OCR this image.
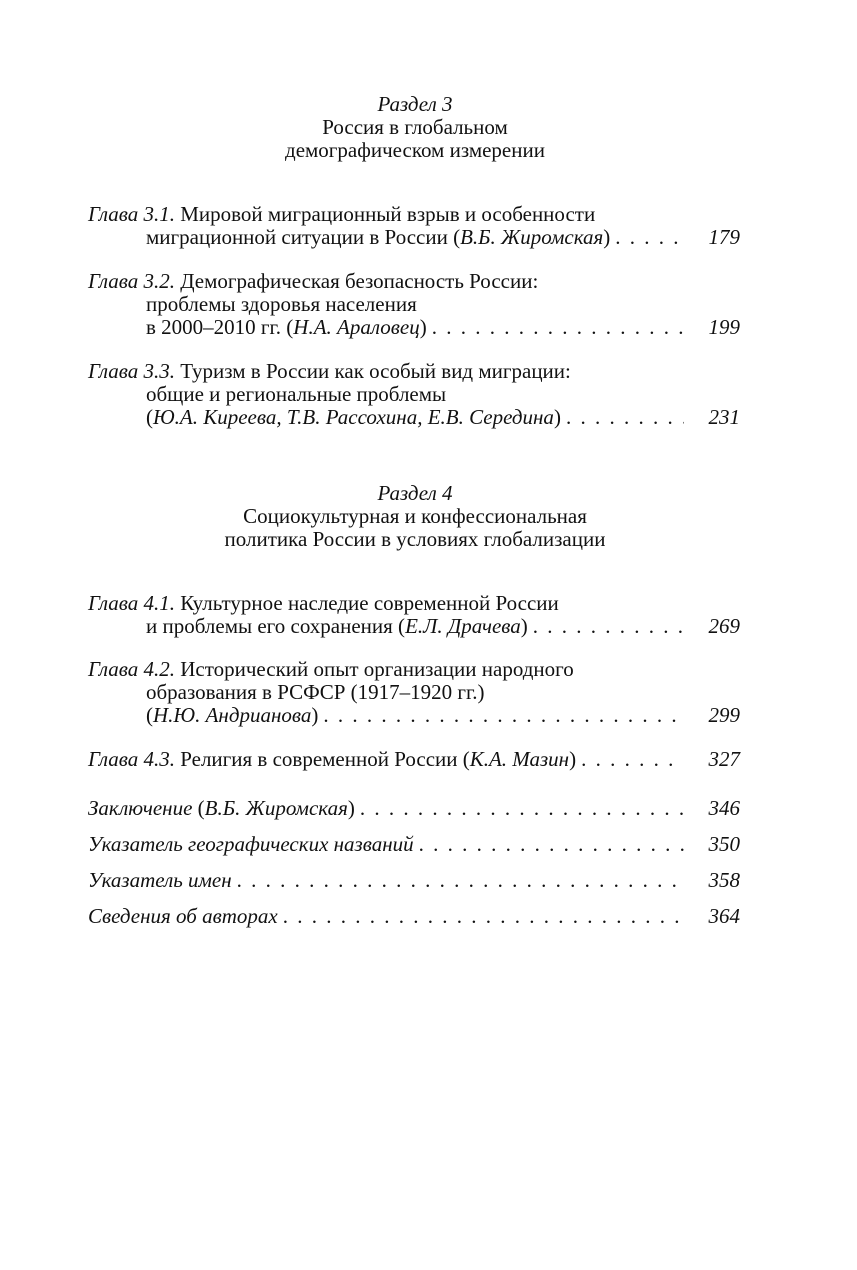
Раздел 3
Россия в глобальном
демографическом измерении
Глава 3.1.
Мировой миграционный взрыв и особенности
миграционной ситуации в России ( В.Б. Жиромская ) . . .	179
Глава 3.2.
Демографическая безопасность России:
проблемы здоровья населения
в 2000–2010 гг. ( Н.А. Араловец ) . . .	199
Глава 3.3.
Туризм в России как особый вид миграции:
общие и региональные проблемы
( Ю.А. Киреева, Т.В. Рассохина, Е.В. Середина ) . . .	231
Раздел 4
Социокультурная и конфессиональная
политика России в условиях глобализации
Глава 4.1.
Культурное наследие современной России
и проблемы его сохранения ( Е.Л. Драчева ) . . .	269
Глава 4.2.
Исторический опыт организации народного
образования в РСФСР (1917–1920 гг.)
( Н.Ю. Андрианова ) . . .	299
Глава 4.3.
Религия в современной России ( К.А. Мазин ) . . .	327
Заключение
( В.Б. Жиромская ) . . .	346
Указатель географических названий . . .	350
Указатель имен . . .	358
Сведения об авторах . . .	364
